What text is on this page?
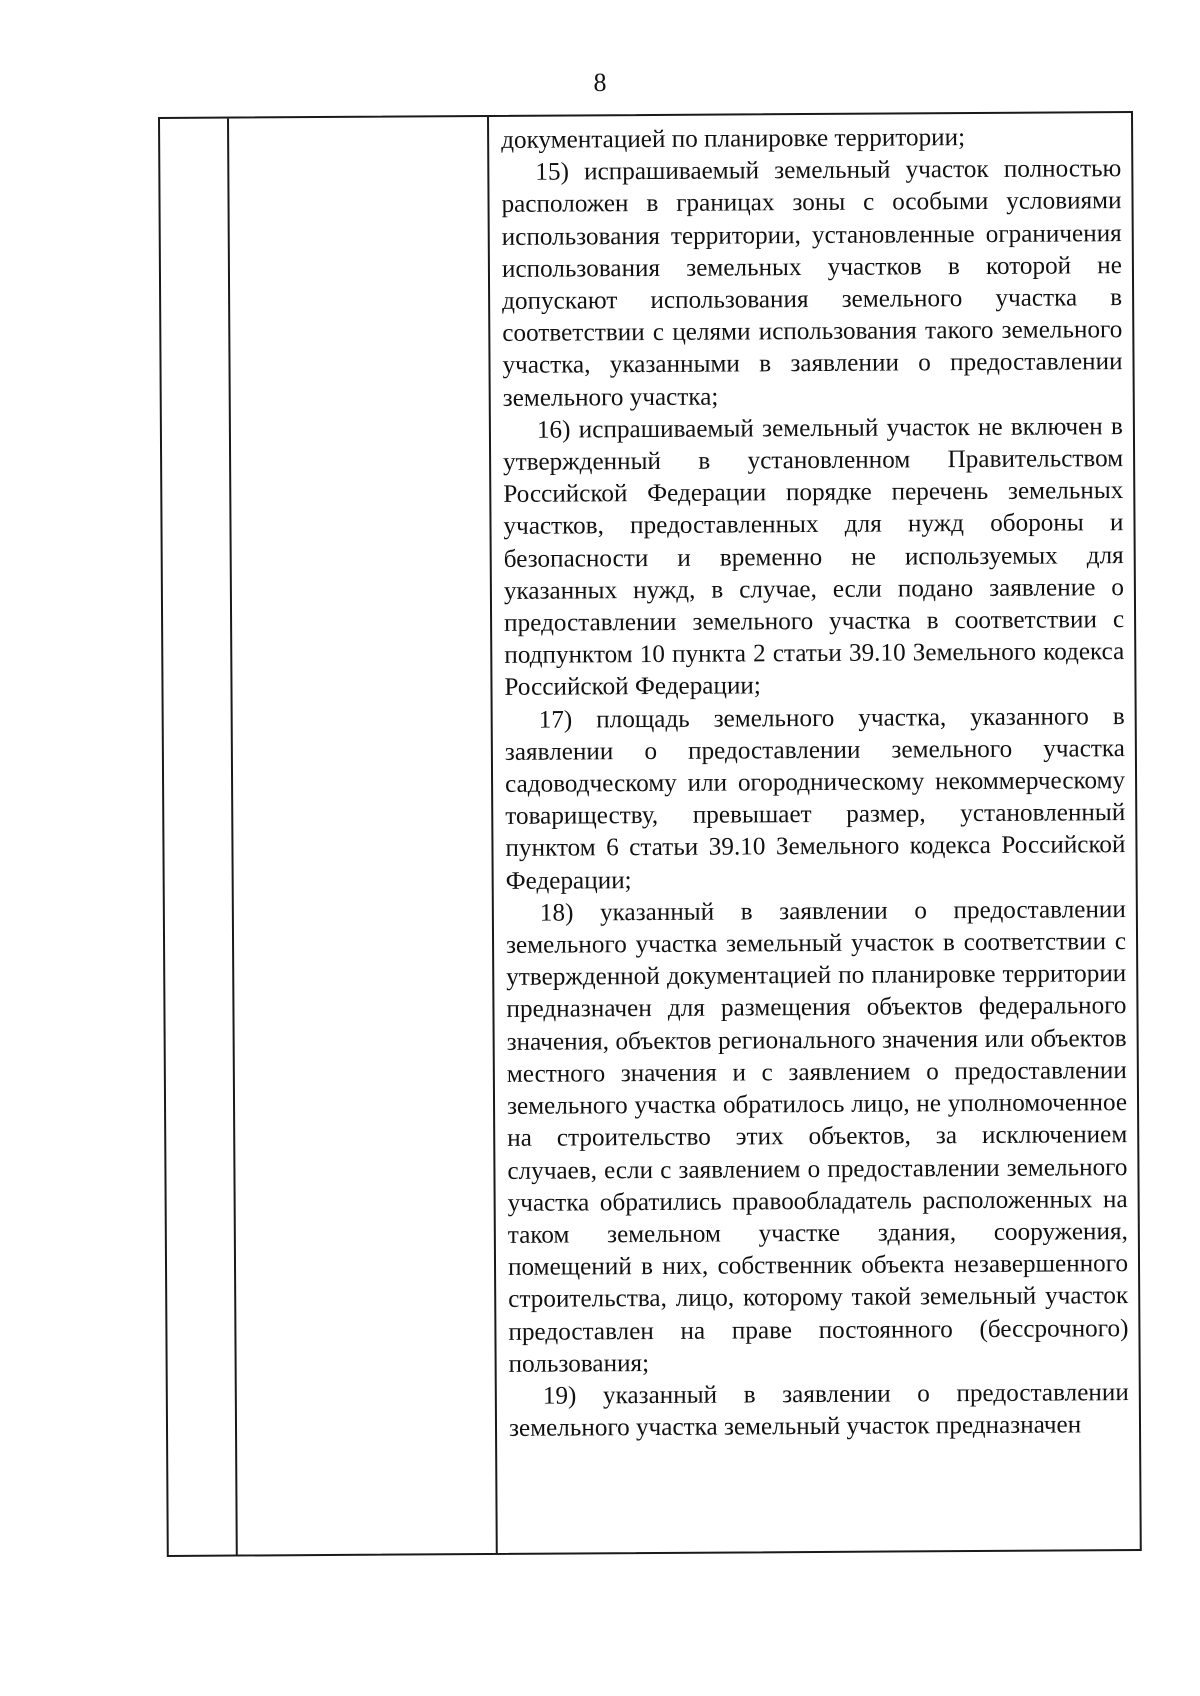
8

документацией по планировке территории;

15) испрашиваемый земельный участок полностью расположен в границах зоны с особыми условиями использования территории, установленные ограничения использования земельных участков в которой не допускают использования земельного участка в соответствии с целями использования такого земельного участка, указанными в заявлении о предоставлении земельного участка;

16) испрашиваемый земельный участок не включен в утвержденный в установленном Правительством Российской Федерации порядке перечень земельных участков, предоставленных для нужд обороны и безопасности и временно не используемых для указанных нужд, в случае, если подано заявление о предоставлении земельного участка в соответствии с подпунктом 10 пункта 2 статьи 39.10 Земельного кодекса Российской Федерации;

17) площадь земельного участка, указанного в заявлении о предоставлении земельного участка садоводческому или огородническому некоммерческому товариществу, превышает размер, установленный пунктом 6 статьи 39.10 Земельного кодекса Российской Федерации;

18) указанный в заявлении о предоставлении земельного участка земельный участок в соответствии с утвержденной документацией по планировке территории предназначен для размещения объектов федерального значения, объектов регионального значения или объектов местного значения и с заявлением о предоставлении земельного участка обратилось лицо, не уполномоченное на строительство этих объектов, за исключением случаев, если с заявлением о предоставлении земельного участка обратились правообладатель расположенных на таком земельном участке здания, сооружения, помещений в них, собственник объекта незавершенного строительства, лицо, которому такой земельный участок предоставлен на праве постоянного (бессрочного) пользования;

19) указанный в заявлении о предоставлении земельного участка земельный участок предназначен
